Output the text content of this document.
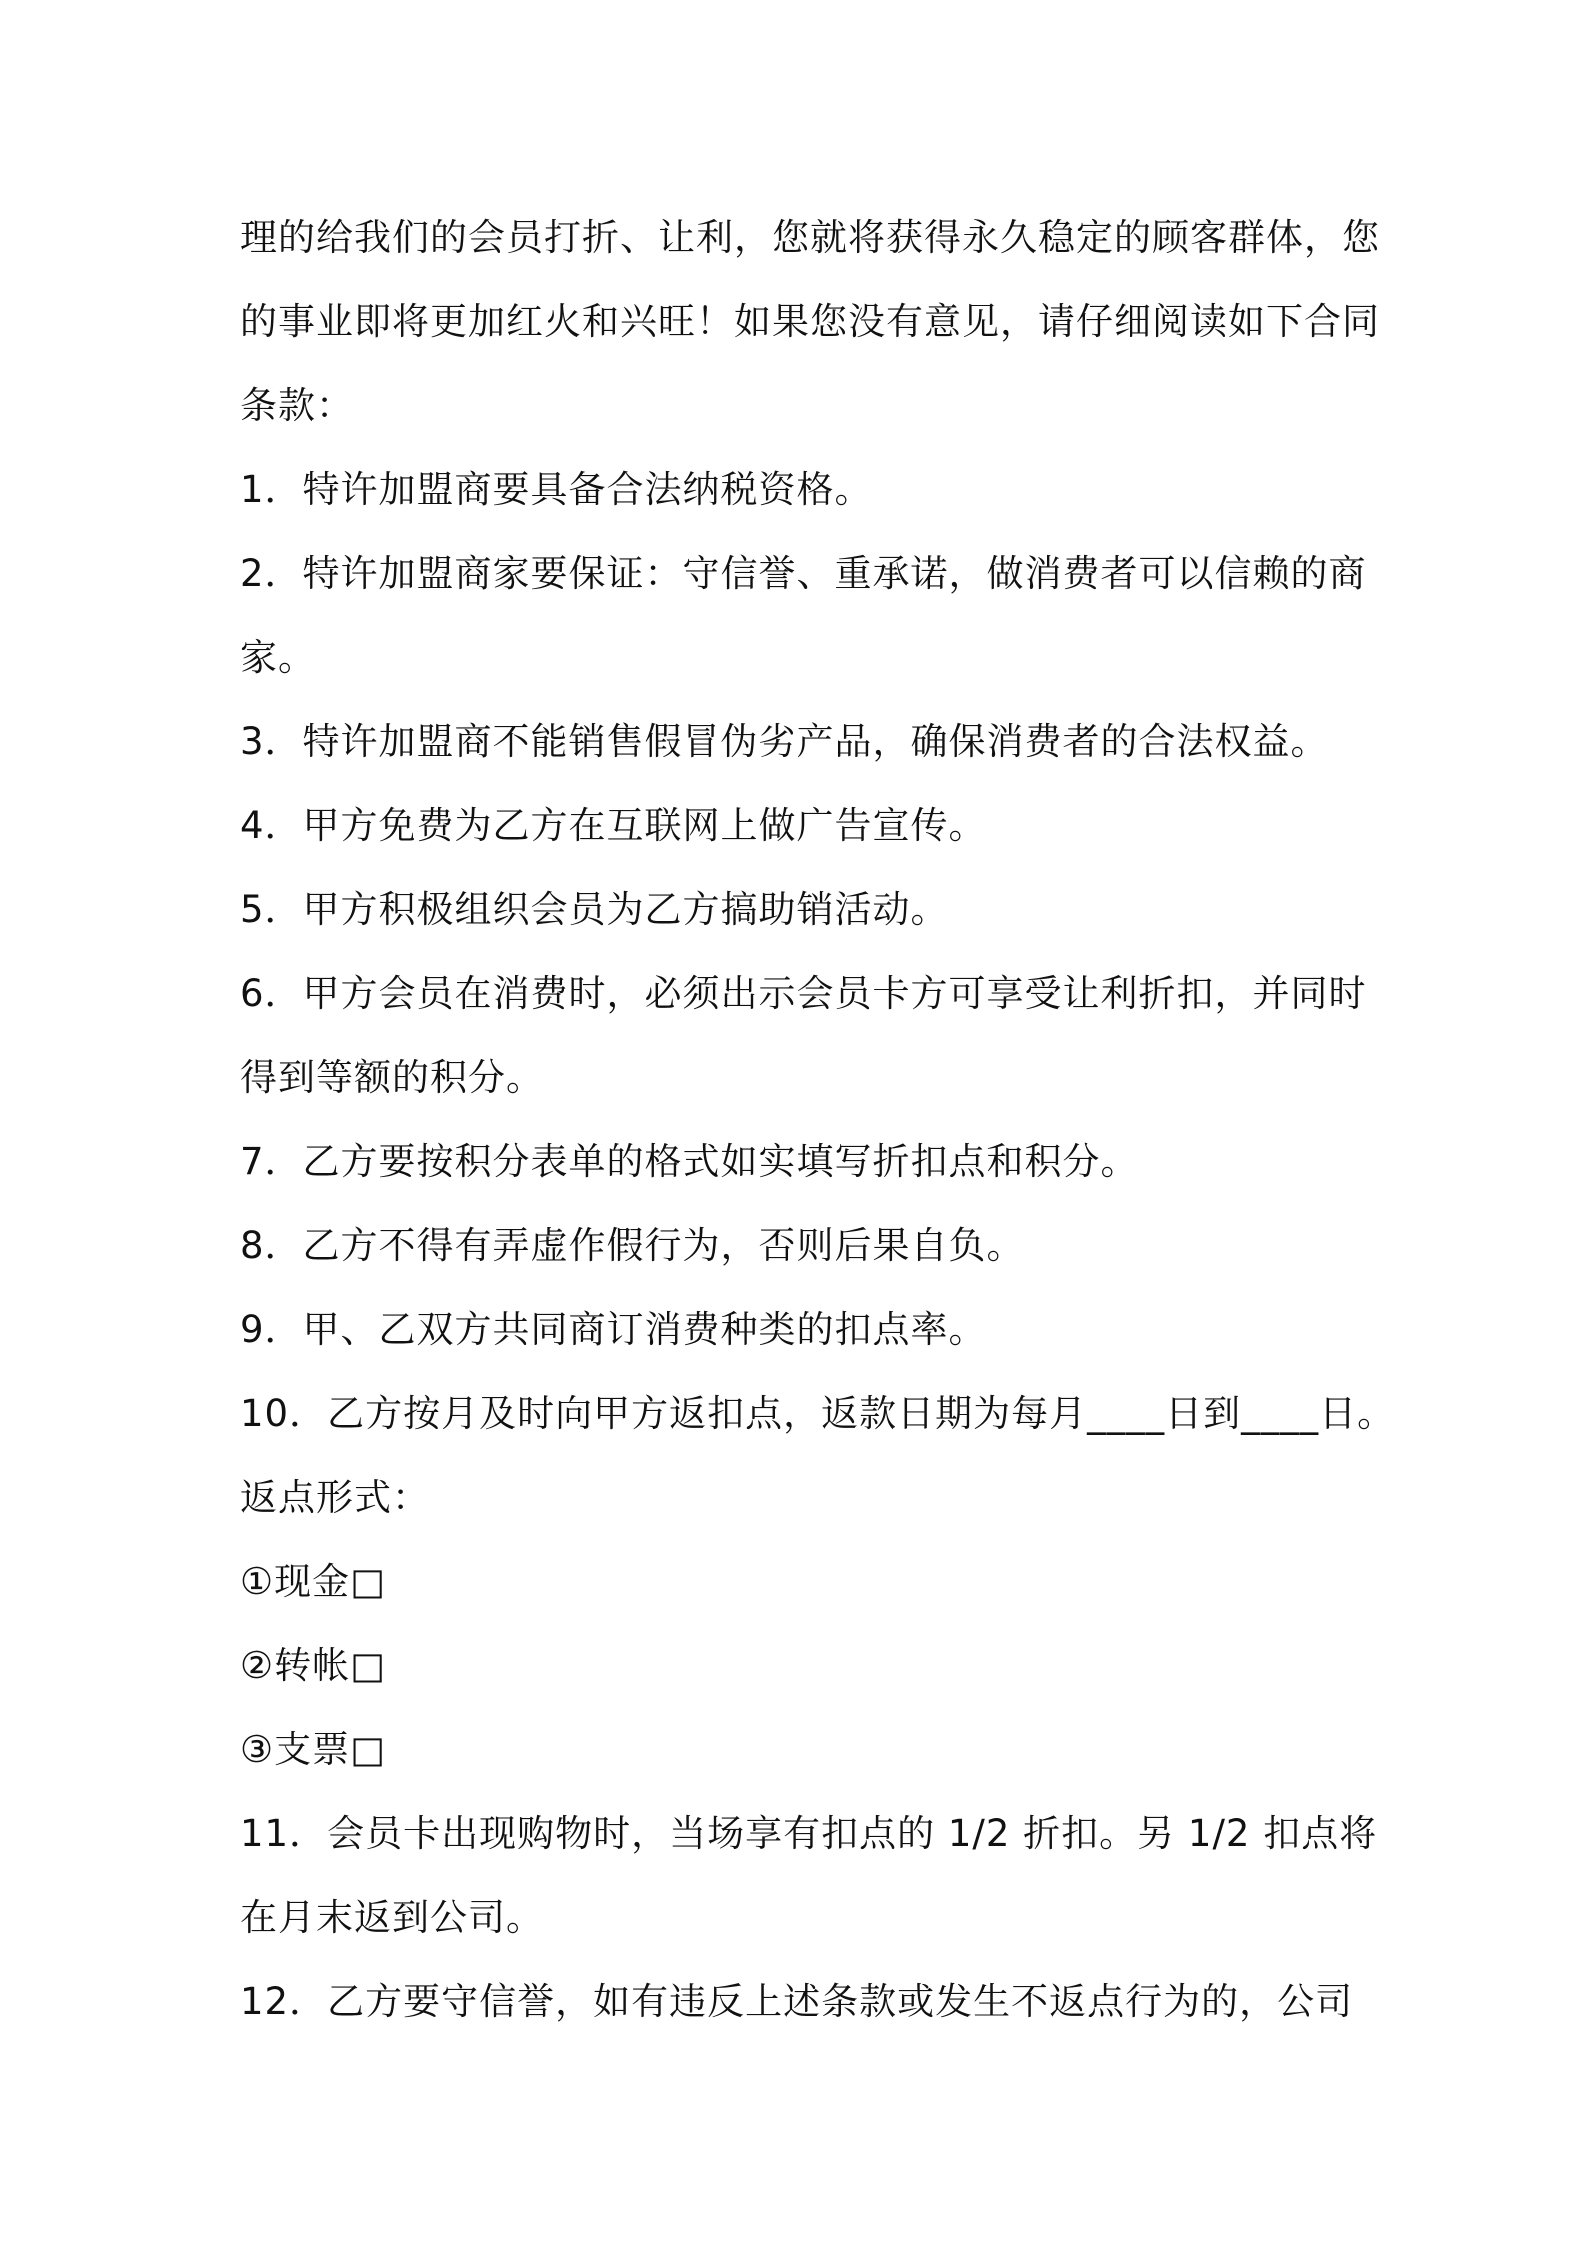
理的给我们的会员打折、让利，您就将获得永久稳定的顾客群体，您
的事业即将更加红火和兴旺！如果您没有意见，请仔细阅读如下合同
条款：
1．特许加盟商要具备合法纳税资格。
2．特许加盟商家要保证：守信誉、重承诺，做消费者可以信赖的商
家。
3．特许加盟商不能销售假冒伪劣产品，确保消费者的合法权益。
4．甲方免费为乙方在互联网上做广告宣传。
5．甲方积极组织会员为乙方搞助销活动。
6．甲方会员在消费时，必须出示会员卡方可享受让利折扣，并同时
得到等额的积分。
7．乙方要按积分表单的格式如实填写折扣点和积分。
8．乙方不得有弄虚作假行为，否则后果自负。
9．甲、乙双方共同商订消费种类的扣点率。
10．乙方按月及时向甲方返扣点，返款日期为每月____日到____日。
返点形式：
①现金□
②转帐□
③支票□
11．会员卡出现购物时，当场享有扣点的 1/2 折扣。另 1/2 扣点将
在月末返到公司。
12．乙方要守信誉，如有违反上述条款或发生不返点行为的，公司
